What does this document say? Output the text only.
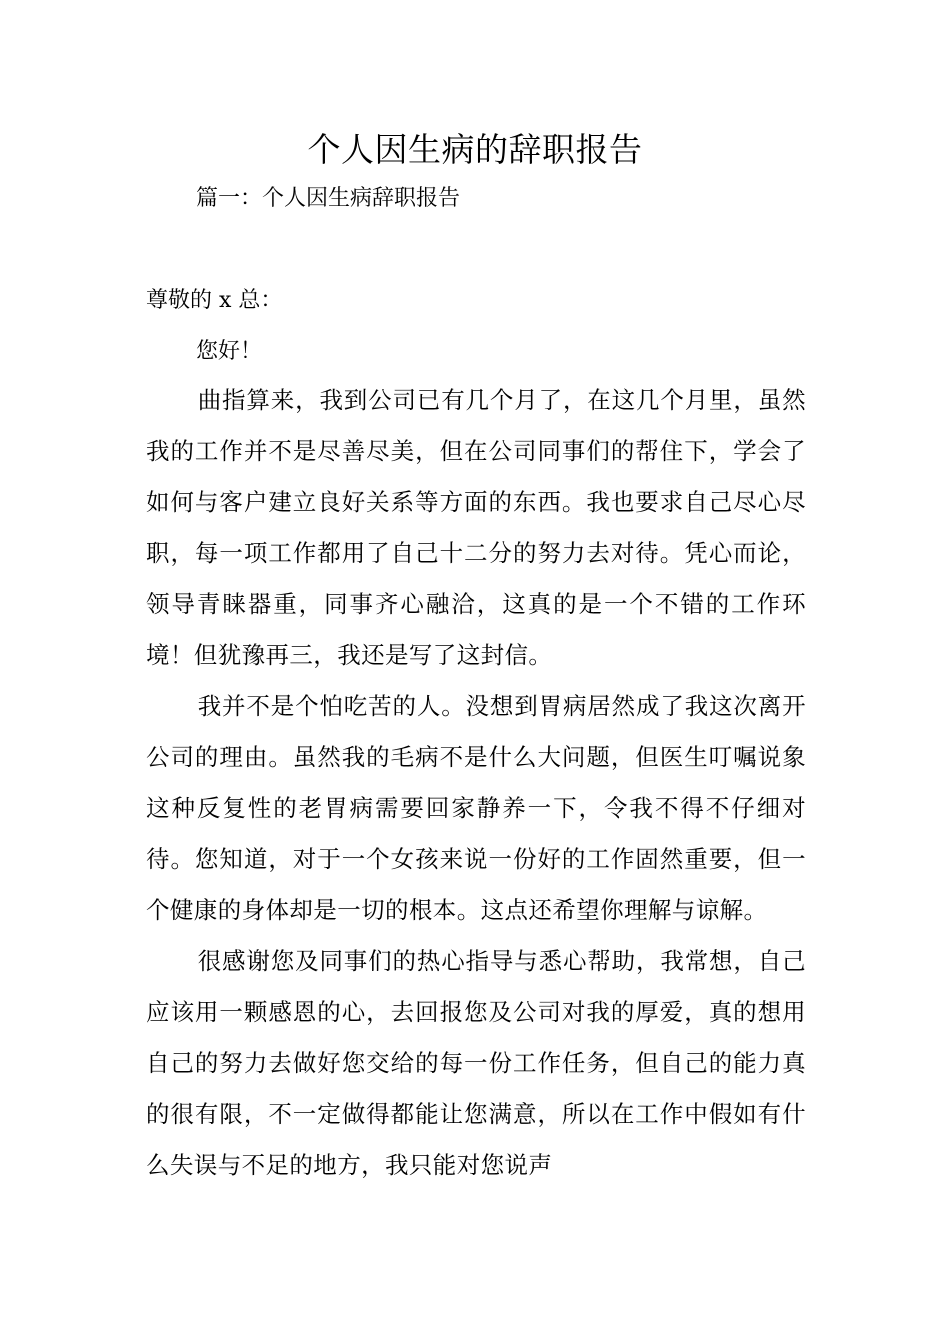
个人因生病的辞职报告
篇一：个人因生病辞职报告
尊敬的 x 总：
您好！

曲指算来，我到公司已有几个月了，在这几个月里，虽然我的工作并不是尽善尽美，但在公司同事们的帮住下，学会了如何与客户建立良好关系等方面的东西。我也要求自己尽心尽职，每一项工作都用了自己十二分的努力去对待。凭心而论，领导青睐器重，同事齐心融洽，这真的是一个不错的工作环境！但犹豫再三，我还是写了这封信。

我并不是个怕吃苦的人。没想到胃病居然成了我这次离开公司的理由。虽然我的毛病不是什么大问题，但医生叮嘱说象这种反复性的老胃病需要回家静养一下，令我不得不仔细对待。您知道，对于一个女孩来说一份好的工作固然重要，但一个健康的身体却是一切的根本。这点还希望你理解与谅解。

很感谢您及同事们的热心指导与悉心帮助，我常想，自己应该用一颗感恩的心，去回报您及公司对我的厚爱，真的想用自己的努力去做好您交给的每一份工作任务，但自己的能力真的很有限，不一定做得都能让您满意，所以在工作中假如有什么失误与不足的地方，我只能对您说声
